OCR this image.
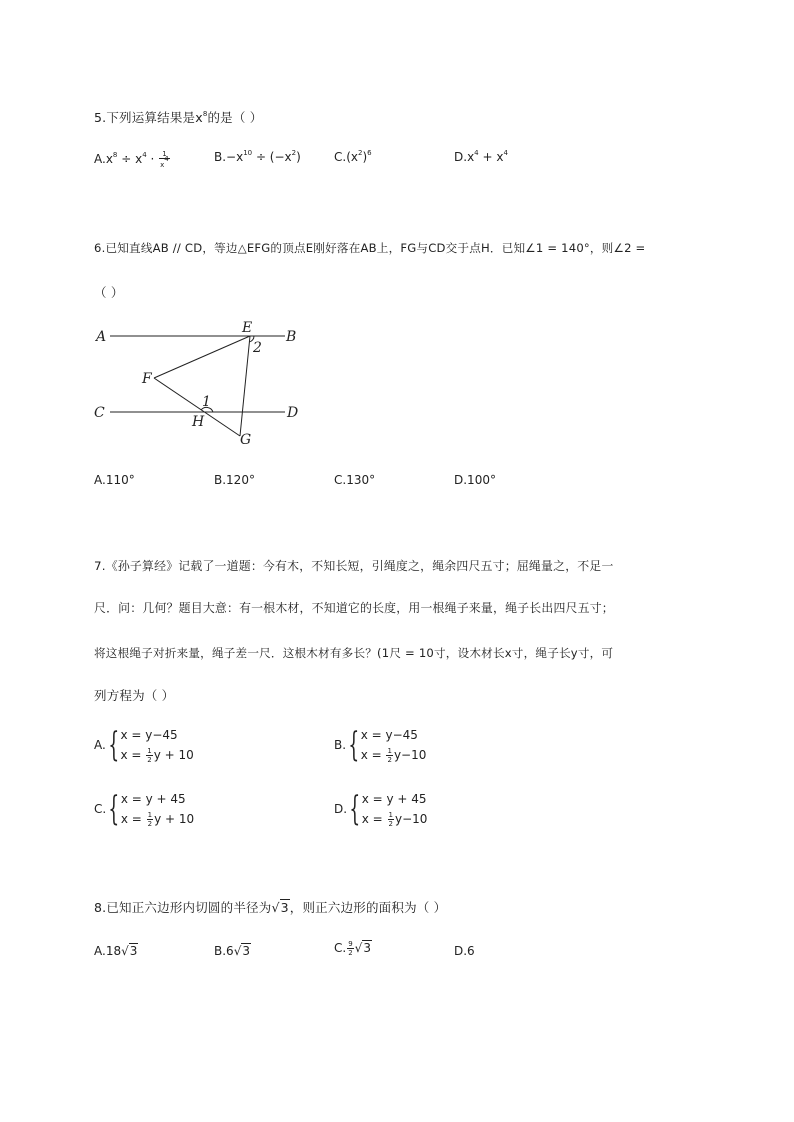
5.下列运算结果是$x^8$的是（ ）
$A.x^8 \div x^4 \cdot \frac{1}{x^4}$	$B.-x^{10} \div (-x^2)$	$C.(x^2)^6$	$D.x^4 + x^4$
6.已知直线AB // CD，等边△EFG的顶点E刚好落在AB上，FG与CD交于点H．已知∠1 = 140°，则∠2 =
（ ）
A	B
C	D
E
F
G
H
1
2
A.110°	B.120°	C.130°	D.100°
7.《孙子算经》记载了一道题：今有木，不知长短，引绳度之，绳余四尺五寸；屈绳量之，不足一
尺．问：几何？题目大意：有一根木材，不知道它的长度，用一根绳子来量，绳子长出四尺五寸；
将这根绳子对折来量，绳子差一尺．这根木材有多长？(1尺 = 10寸，设木材长x寸，绳子长y寸，可
列方程为（ ）
A.{ x = y−45
$x = \frac{1}{2}$ y + 10
B.{ x = y−45
$x = \frac{1}{2} y-10$
C.{ x = y + 45
$x = \frac{1}{2}$ y + 10
D.{ x = y + 45
$x = \frac{1}{2} y-10$
8.已知正六边形内切圆的半径为√3，则正六边形的面积为（ ）
A.18√3	B.6√3	C. $\frac{9}{2} √3$	D.6
